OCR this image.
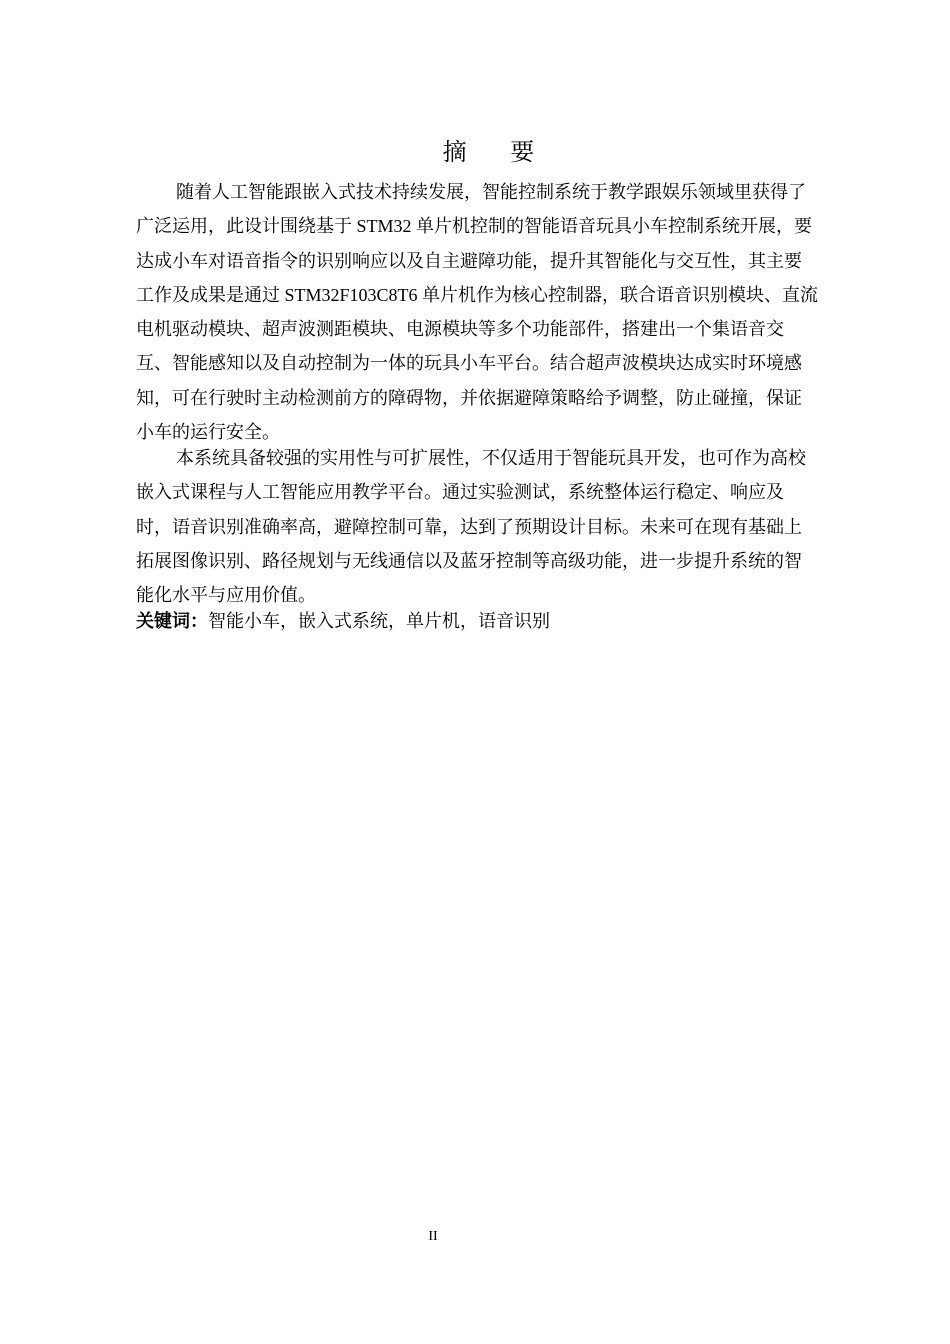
摘 要
随着人工智能跟嵌入式技术持续发展，智能控制系统于教学跟娱乐领域里获得了
广泛运用，此设计围绕基于 STM32 单片机控制的智能语音玩具小车控制系统开展，要
达成小车对语音指令的识别响应以及自主避障功能，提升其智能化与交互性，其主要
工作及成果是通过 STM32F103C8T6 单片机作为核心控制器，联合语音识别模块、直流
电机驱动模块、超声波测距模块、电源模块等多个功能部件，搭建出一个集语音交
互、智能感知以及自动控制为一体的玩具小车平台。结合超声波模块达成实时环境感
知，可在行驶时主动检测前方的障碍物，并依据避障策略给予调整，防止碰撞，保证
小车的运行安全。
本系统具备较强的实用性与可扩展性，不仅适用于智能玩具开发，也可作为高校
嵌入式课程与人工智能应用教学平台。通过实验测试，系统整体运行稳定、响应及
时，语音识别准确率高，避障控制可靠，达到了预期设计目标。未来可在现有基础上
拓展图像识别、路径规划与无线通信以及蓝牙控制等高级功能，进一步提升系统的智
能化水平与应用价值。
关键词：智能小车，嵌入式系统，单片机，语音识别
II
